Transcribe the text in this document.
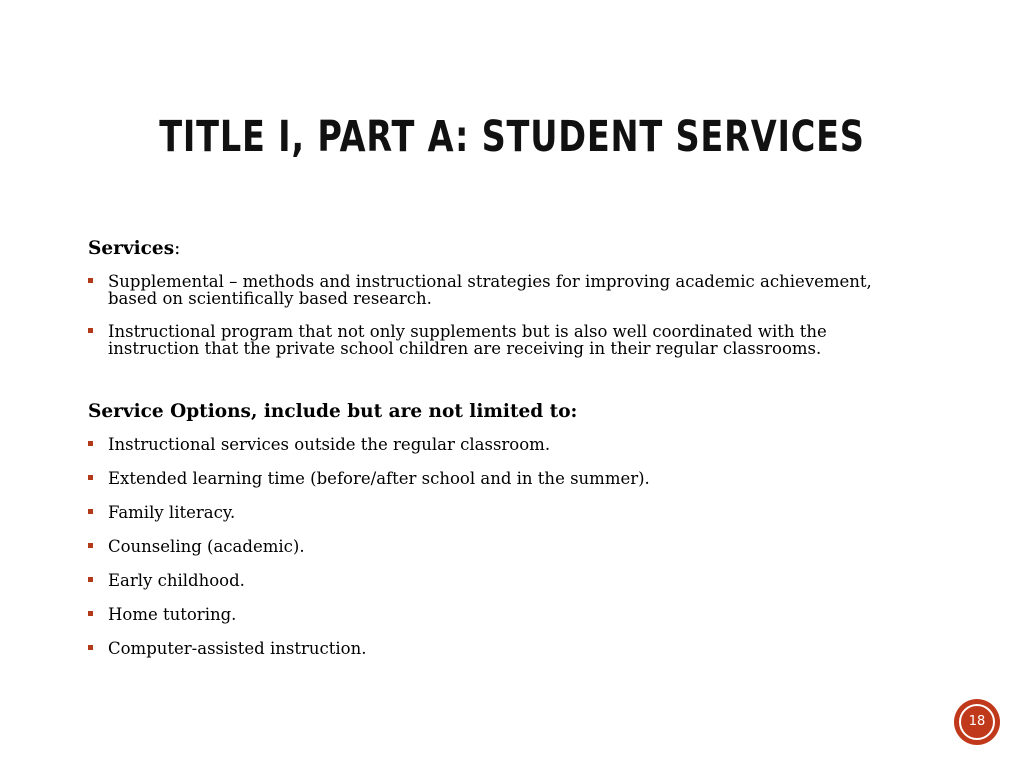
TITLE I, PART A: STUDENT SERVICES
Services:
Supplemental – methods and instructional strategies for improving academic achievement, based on scientifically based research.
Instructional program that not only supplements but is also well coordinated with the instruction that the private school children are receiving in their regular classrooms.
Service Options, include but are not limited to:
Instructional services outside the regular classroom.
Extended learning time (before/after school and in the summer).
Family literacy.
Counseling (academic).
Early childhood.
Home tutoring.
Computer-assisted instruction.
18
